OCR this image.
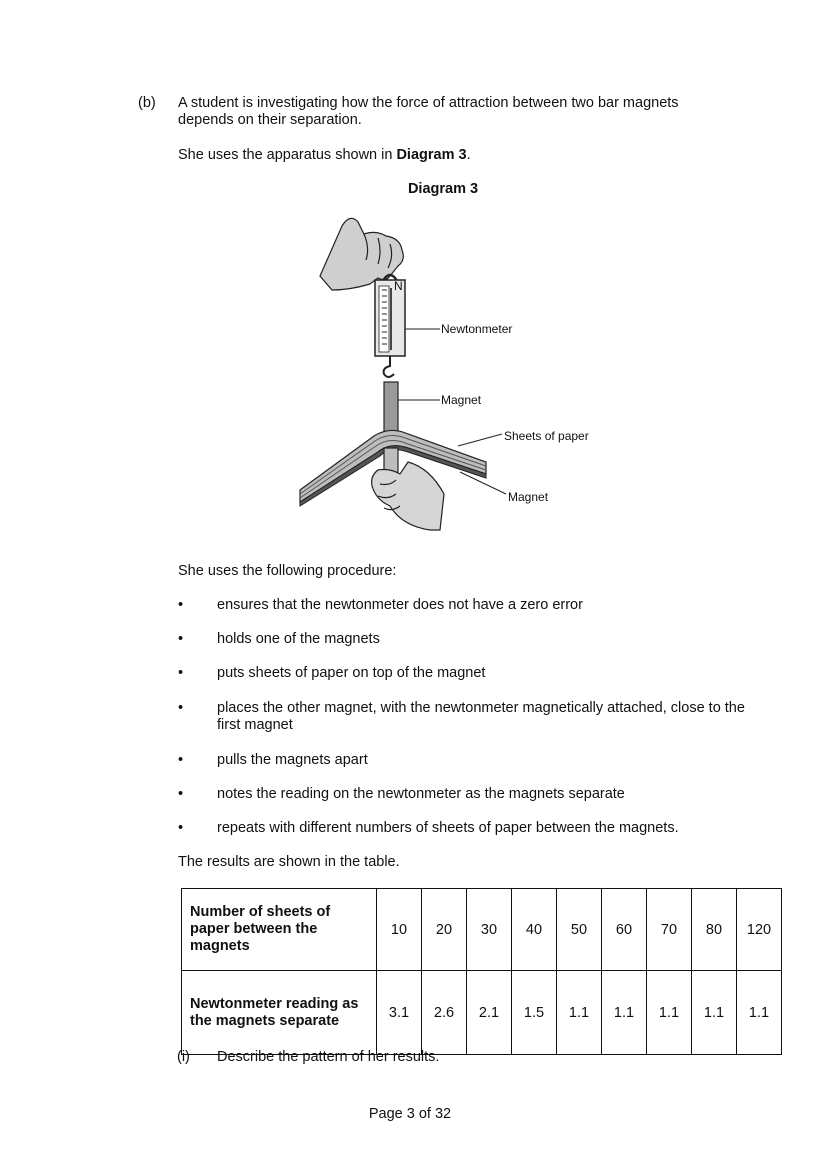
(b) A student is investigating how the force of attraction between two bar magnets depends on their separation.
She uses the apparatus shown in Diagram 3.
Diagram 3
N
Newtonmeter
Magnet
Sheets of paper
Magnet
She uses the following procedure:
• ensures that the newtonmeter does not have a zero error
• holds one of the magnets
• puts sheets of paper on top of the magnet
• places the other magnet, with the newtonmeter magnetically attached, close to the first magnet
• pulls the magnets apart
• notes the reading on the newtonmeter as the magnets separate
• repeats with different numbers of sheets of paper between the magnets.
The results are shown in the table.
Number of sheets of paper between the magnets	10	20	30	40	50	60	70	80	120
Newtonmeter reading as the magnets separate	3.1	2.6	2.1	1.5	1.1	1.1	1.1	1.1	1.1
(i) Describe the pattern of her results.
Page 3 of 32
